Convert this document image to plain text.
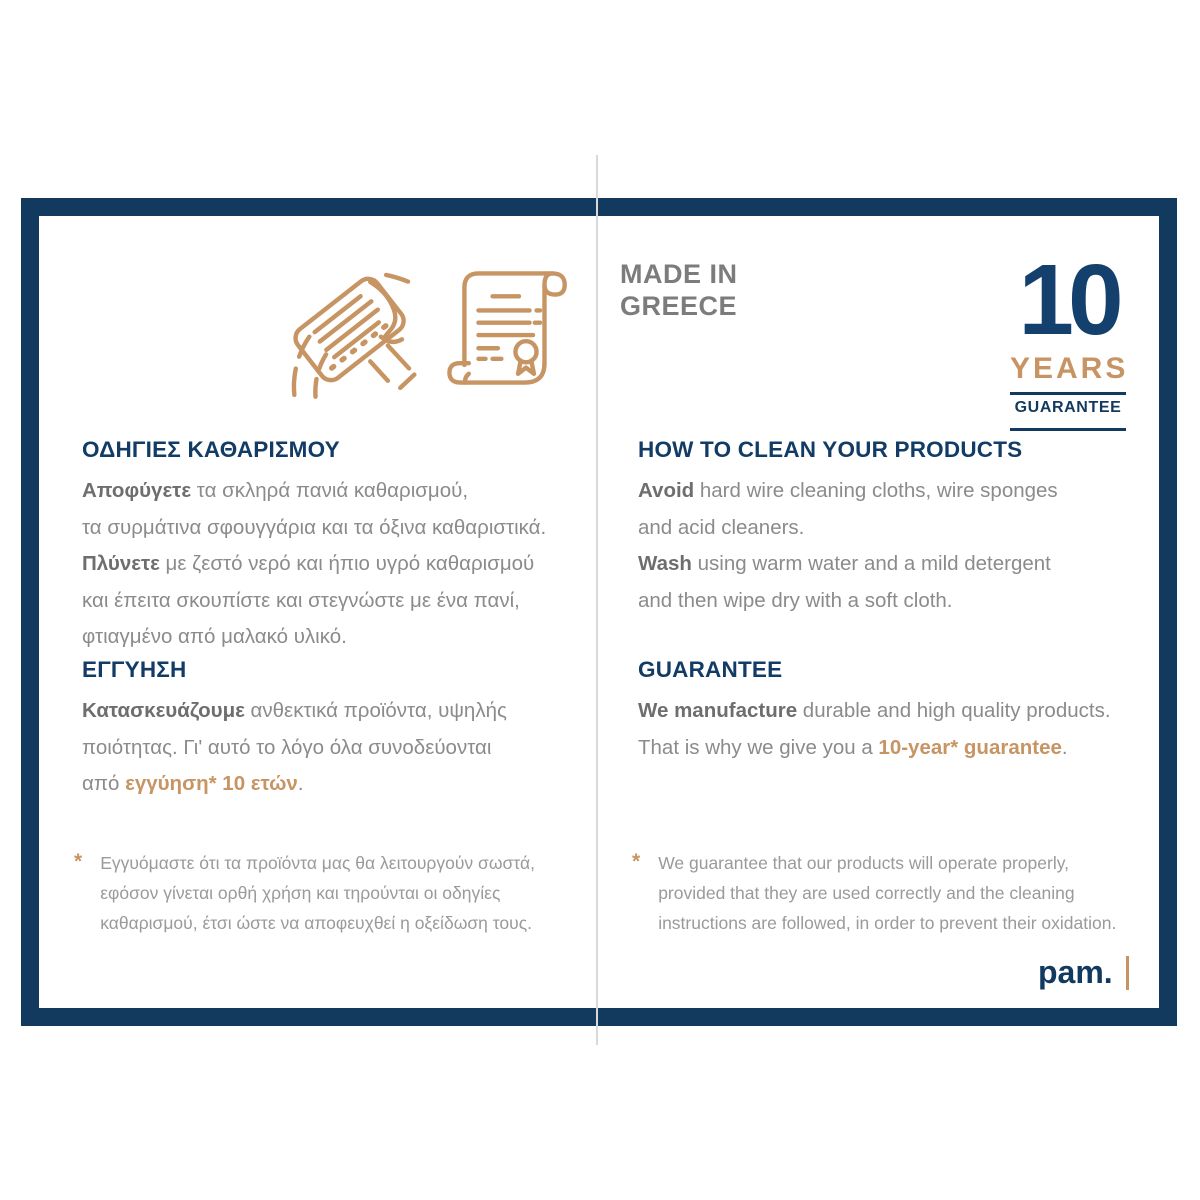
MADE IN
GREECE	10
YEARS
GUARANTEE
ΟΔΗΓΙΕΣ ΚΑΘΑΡΙΣΜΟΥ

Αποφύγετε τα σκληρά πανιά καθαρισμού,

τα συρμάτινα σφουγγάρια και τα όξινα καθαριστικά.

Πλύνετε με ζεστό νερό και ήπιο υγρό καθαρισμού

και έπειτα σκουπίστε και στεγνώστε με ένα πανί,

φτιαγμένο από μαλακό υλικό.

ΕΓΓΥΗΣΗ

Κατασκευάζουμε ανθεκτικά προϊόντα, υψηλής

ποιότητας. Γι' αυτό το λόγο όλα συνοδεύονται

από εγγύηση* 10 ετών.

* Εγγυόμαστε ότι τα προϊόντα μας θα λειτουργούν σωστά,
εφόσον γίνεται ορθή χρήση και τηρούνται οι οδηγίες
καθαρισμού, έτσι ώστε να αποφευχθεί η οξείδωση τους.
HOW TO CLEAN YOUR PRODUCTS

Avoid hard wire cleaning cloths, wire sponges

and acid cleaners.

Wash using warm water and a mild detergent

and then wipe dry with a soft cloth.

GUARANTEE

We manufacture durable and high quality products.

That is why we give you a 10-year* guarantee.

* We guarantee that our products will operate properly,
provided that they are used correctly and the cleaning
instructions are followed, in order to prevent their oxidation.
pam.
